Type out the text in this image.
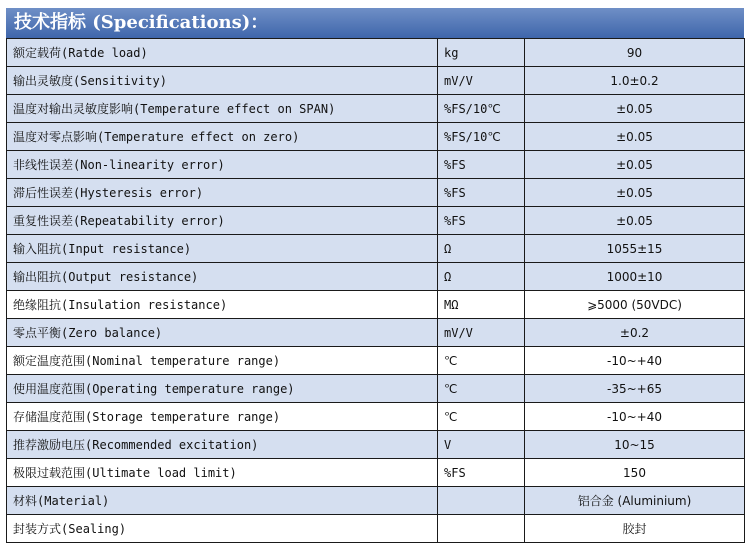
技术指标 (Specifications)：
额定载荷(Ratde load)	kg	90
输出灵敏度(Sensitivity)	mV/V	1.0±0.2
温度对输出灵敏度影响(Temperature effect on SPAN)	%FS/10℃	±0.05
温度对零点影响(Temperature effect on zero)	%FS/10℃	±0.05
非线性误差(Non-linearity error)	%FS	±0.05
滞后性误差(Hysteresis error)	%FS	±0.05
重复性误差(Repeatability error)	%FS	±0.05
输入阻抗(Input resistance)	Ω	1055±15
输出阻抗(Output resistance)	Ω	1000±10
绝缘阻抗(Insulation resistance)	MΩ	⩾5000 (50VDC)
零点平衡(Zero balance)	mV/V	±0.2
额定温度范围(Nominal temperature range)	℃	-10~+40
使用温度范围(Operating temperature range)	℃	-35~+65
存储温度范围(Storage temperature range)	℃	-10~+40
推荐激励电压(Recommended excitation)	V	10~15
极限过载范围(Ultimate load limit)	%FS	150
材料(Material)		铝合金 (Aluminium)
封装方式(Sealing)		胶封
